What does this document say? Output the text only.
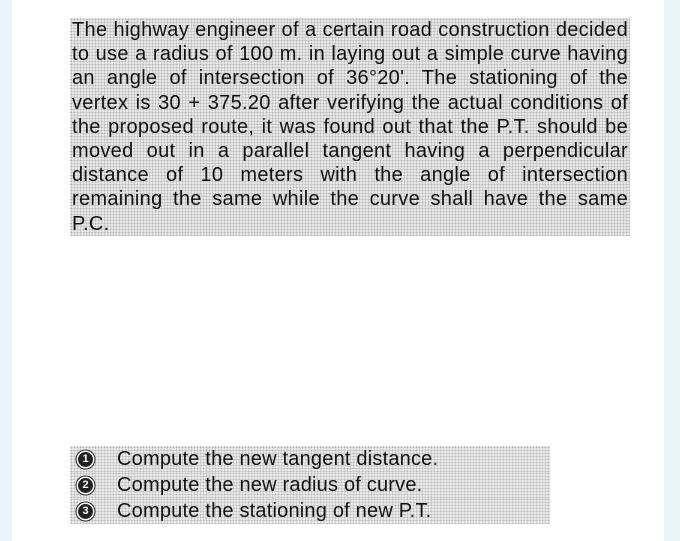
The highway engineer of a certain road construction decided to use a radius of 100 m. in laying out a simple curve having an angle of intersection of 36°20'. The stationing of the vertex is 30 + 375.20 after verifying the actual conditions of the proposed route, it was found out that the P.T. should be moved out in a parallel tangent having a perpendicular distance of 10 meters with the angle of intersection remaining the same while the curve shall have the same P.C.
1 Compute the new tangent distance.
2 Compute the new radius of curve.
3 Compute the stationing of new P.T.
